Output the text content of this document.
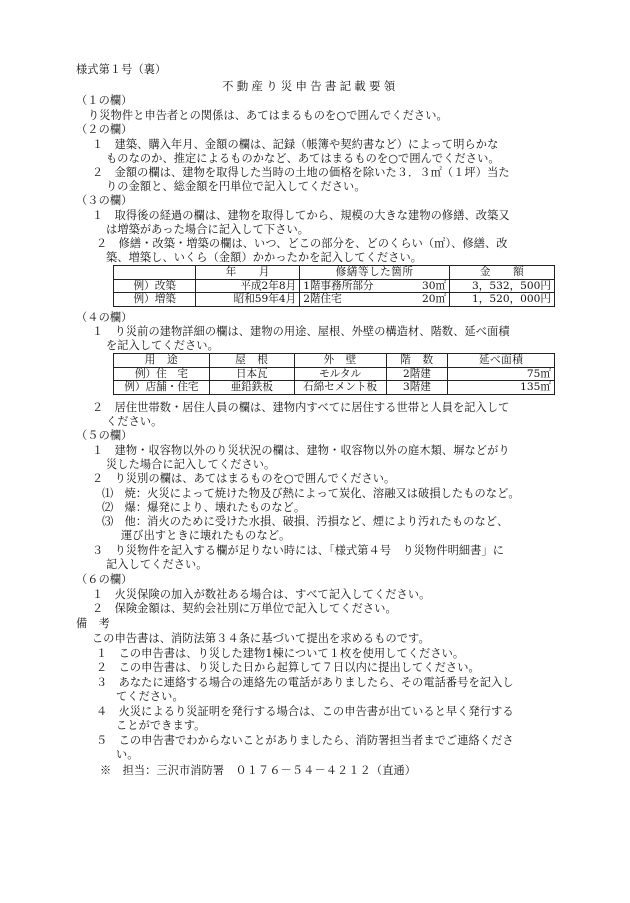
様式第１号（裏）
不動産り災申告書記載要領
（１の欄）
り災物件と申告者との関係は、あてはまるものを○で囲んでください。
（２の欄）
１　建築、購入年月、金額の欄は、記録（帳簿や契約書など）によって明らかな
ものなのか、推定によるものかなど、あてはまるものを○で囲んでください。
２　金額の欄は、建物を取得した当時の土地の価格を除いた３．３㎡（１坪）当た
りの金額と、総金額を円単位で記入してください。
（３の欄）
１　取得後の経過の欄は、建物を取得してから、規模の大きな建物の修繕、改築又
は増築があった場合に記入して下さい。
２　修繕・改築・増築の欄は、いつ、どこの部分を、どのくらい（㎡）、修繕、改
築、増築し、いくら（金額）かかったかを記入してください。
	年　　月	修繕等した箇所		金　　額
例）改築	平成2年8月	1階事務所部分	30㎡	3，532，500円
例）増築	昭和59年4月	2階住宅	20㎡	1，520，000円
（４の欄）
１　り災前の建物詳細の欄は、建物の用途、屋根、外壁の構造材、階数、延べ面積
を記入してください。
用　途	屋　根	外　壁	階　数	延べ面積
例）住　宅	日本瓦	モルタル	2階建	75㎡
例）店舗・住宅	亜鉛鉄板	石綿セメント板	3階建	135㎡
２　居住世帯数・居住人員の欄は、建物内すべてに居住する世帯と人員を記入して
ください。
（５の欄）
１　建物・収容物以外のり災状況の欄は、建物・収容物以外の庭木類、塀などがり
災した場合に記入してください。
２　り災別の欄は、あてはまるものを○で囲んでください。
⑴　焼：火災によって焼けた物及び熱によって炭化、溶融又は破損したものなど。
⑵　爆：爆発により、壊れたものなど。
⑶　他：消火のために受けた水損、破損、汚損など、煙により汚れたものなど、
運び出すときに壊れたものなど。
３　り災物件を記入する欄が足りない時には、「様式第４号　り災物件明細書」に
記入してください。
（６の欄）
１　火災保険の加入が数社ある場合は、すべて記入してください。
２　保険金額は、契約会社別に万単位で記入してください。
備　考
この申告書は、消防法第３４条に基づいて提出を求めるものです。
１　この申告書は、り災した建物1棟について１枚を使用してください。
２　この申告書は、り災した日から起算して７日以内に提出してください。
３　あなたに連絡する場合の連絡先の電話がありましたら、その電話番号を記入し
てください。
４　火災によるり災証明を発行する場合は、この申告書が出ていると早く発行する
ことができます。
５　この申告書でわからないことがありましたら、消防署担当者までご連絡くださ
い。
※　担当：三沢市消防署　０１７６－５４－４２１２（直通）
